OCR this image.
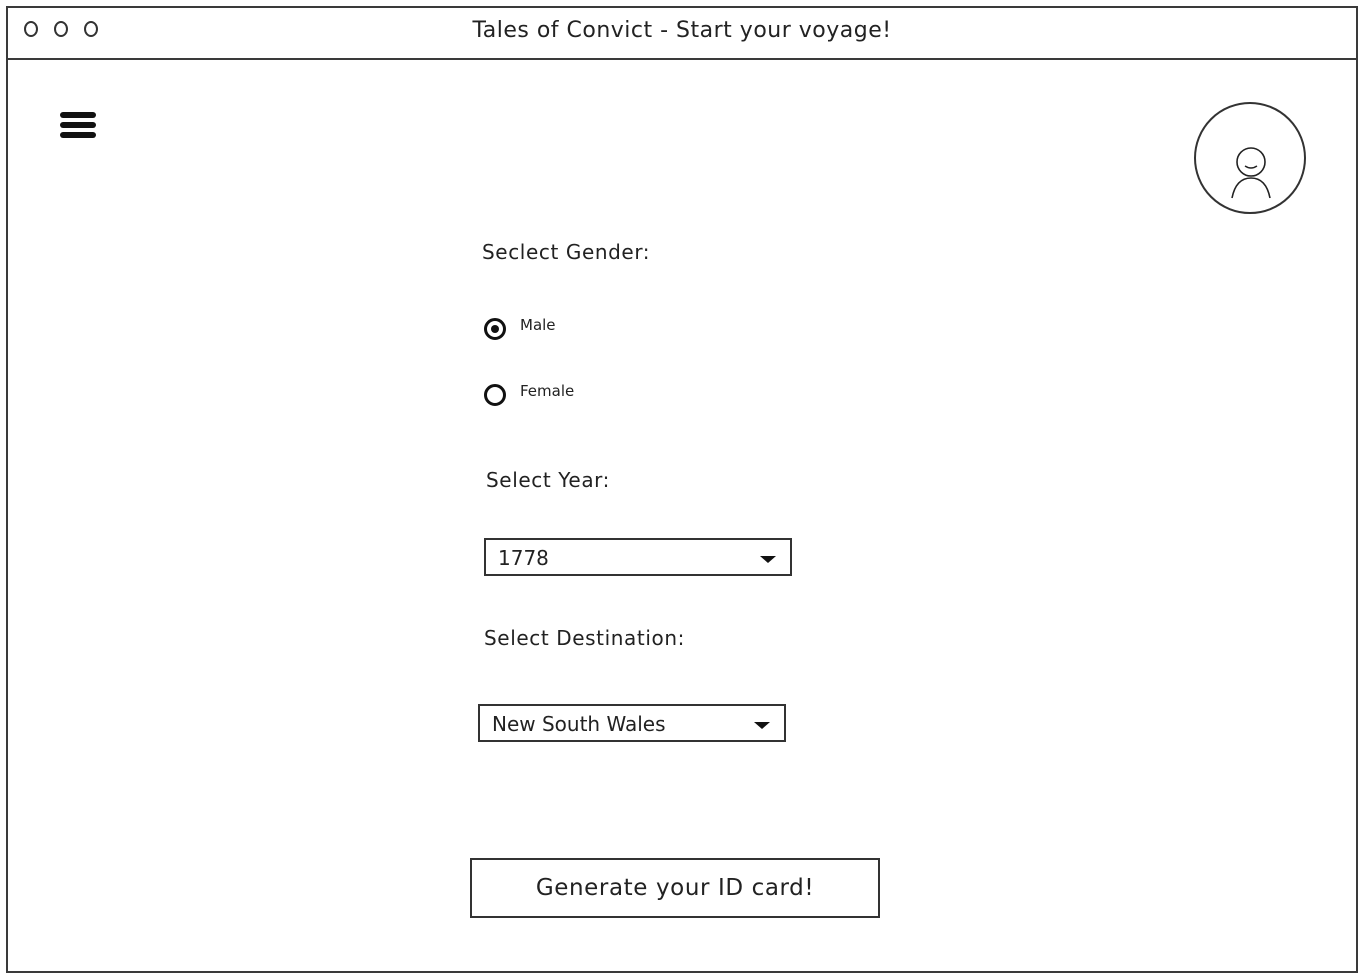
Tales of Convict - Start your voyage!
Seclect Gender:
Male
Female
Select Year:
1778
Select Destination:
New South Wales
Generate your ID card!
